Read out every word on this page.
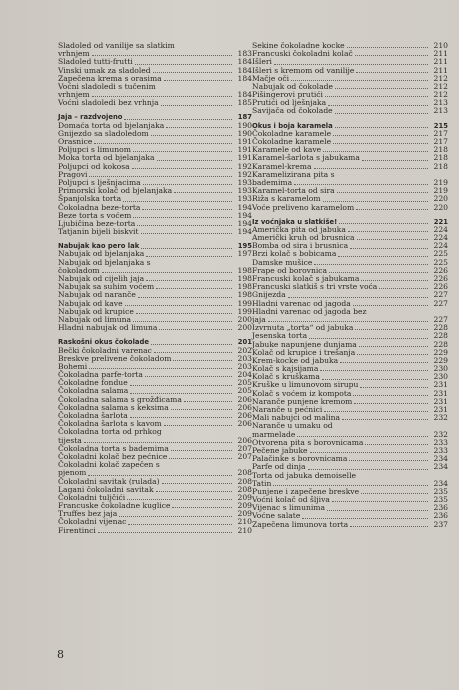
Sladoled od vanilije sa slatkim
vrhnjem	183
Sladoled tutti-frutti	184
Vinski umak za sladoled	184
Zapečena krema s orasima	184
Voćni sladoledi s tučenim
vrhnjem	184
Voćni sladoledi bez vrhnja	185
Jaja – razdvojeno	187
Domaća torta od bjelanjaka	190
Gnijezdo sa sladoledom	190
Orasnice	191
Poljupci s limunom	191
Moka torta od bjelanjaka	191
Poljupci od kokosa	192
Pragovi	192
Poljupci s lješnjacima	193
Primorski kolač od bjelanjaka	193
Španjolska torta	193
Čokoladna beze-torta	194
Beze torta s voćem	194
Ljubičina beze-torta	194
Tatjanin bijeli biskvit	194
Nabujak kao pero lak	195
Nabujak od bjelanjaka	197
Nabujak od bjelanjaka s
čokoladom	198
Nabujak od cijelih jaja	198
Nabujak sa suhim voćem	198
Nabujak od naranče	198
Nabujak od kave	199
Nabujak od krupice	199
Nabujak od limuna	200
Hladni nabujak od limuna	200
Raskošni okus čokolade	201
Bečki čokoladni varenac	202
Breskve prelivene čokoladom	203
Bohemi	203
Čokoladna parfe-torta	204
Čokoladne fondue	205
Čokoladna salama	205
Čokoladna salama s grožđicama	206
Čokoladna salama s keksima	206
Čokoladna šarlota	206
Čokoladna šarlota s kavom	206
Čokoladna torta od prhkog
tijesta	206
Čokoladna torta s bademima	207
Čokoladni kolač bez pećnice	207
Čokoladni kolač zapečen s
pjenom	208
Čokoladni savitak (rulada)	208
Lagani čokoladni savitak	208
Čokoladni tuljčići	209
Francuske čokoladne kuglice	209
Truffes bez jaja	209
Čokoladni vijenac	210
Firentinci	210
Sekine čokoladne kocke	210
Francuski čokoladni kolač	211
Išleri	211
Išleri s kremom od vanilije	211
Mačje oči	212
Nabujak od čokolade	212
Pišingerovi prutići	212
Prutići od lješnjaka	213
Savijača od čokolade	213
Okus i boja karamela	215
Čokoladne karamele	217
Čokoladne karamele	217
Karamele od kave	218
Karamel-šarlota s jabukama	218
Karamel-krema	218
Karamelizirana pita s
bademima	219
Karamel-torta od sira	219
Riža s karamelom	220
Voće preliveno karamelom	220
Iz voćnjaka u slatkiše!	221
Američka pita od jabuka	224
Američki kruh od brusnica	224
Bomba od sira i brusnica	224
Brzi kolač s bobicama	225
Damske mušice	225
Frape od borovnica	226
Francuski kolač s jabukama	226
Francuski slatkiš s tri vrste voća	226
Gnijezda	227
Hladni varenac od jagoda	227
Hladni varenac od jagoda bez
jaja	227
Izvrnuta „torta“ od jabuka	228
Jesenska torta	228
Jabuke napunjene dunjama	228
Kolač od krupice i trešanja	229
Krem-kocke od jabuka	229
Kolač s kajsijama	230
Kolač s kruškama	230
Kruške u limunovom sirupu	231
Kolač s voćem iz kompota	231
Naranče punjene kremom	231
Naranče u pećnici	231
Mali nabujci od malina	232
Naranče u umaku od
marmelade	232
Otvorena pita s borovnicama	233
Pečene jabuke	233
Palačinke s borovnicama	234
Parfe od dinja	234
Torta od jabuka demoiselle
Tatin	234
Punjene i zapečene breskve	235
Voćni kolač od šljiva	235
Vijenac s limunima	236
Voćne salate	236
Zapečena limunova torta	237
8
